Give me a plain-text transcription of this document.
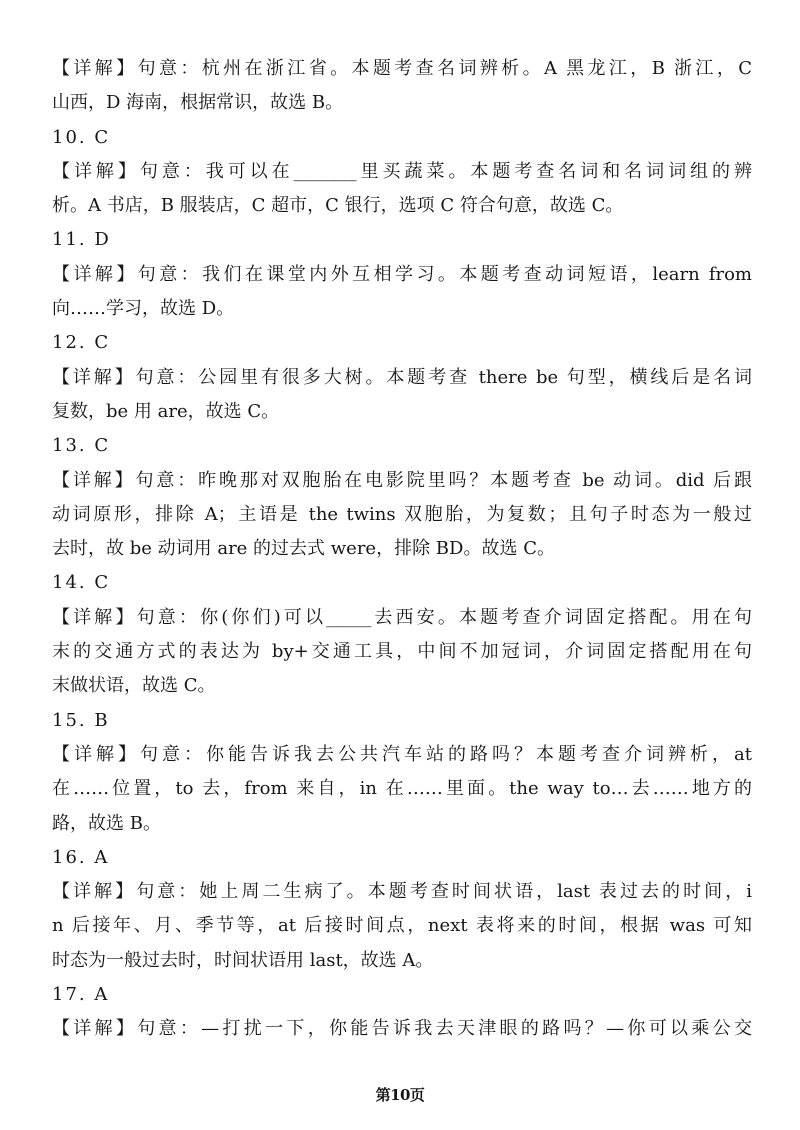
【详解】句意：杭州在浙江省。本题考查名词辨析。A 黑龙江，B 浙江，C
山西，D 海南，根据常识，故选 B。
10. C
【详解】句意：我可以在_______里买蔬菜。本题考查名词和名词词组的辨
析。A 书店，B 服装店，C 超市，C 银行，选项 C 符合句意，故选 C。
11. D
【详解】句意：我们在课堂内外互相学习。本题考查动词短语，learn from
向……学习，故选 D。
12. C
【详解】句意：公园里有很多大树。本题考查 there be 句型，横线后是名词
复数，be 用 are，故选 C。
13. C
【详解】句意：昨晚那对双胞胎在电影院里吗？本题考查 be 动词。did 后跟
动词原形，排除 A；主语是 the twins 双胞胎，为复数；且句子时态为一般过
去时，故 be 动词用 are 的过去式 were，排除 BD。故选 C。
14. C
【详解】句意：你(你们)可以_____去西安。本题考查介词固定搭配。用在句
末的交通方式的表达为 by+交通工具，中间不加冠词，介词固定搭配用在句
末做状语，故选 C。
15. B
【详解】句意：你能告诉我去公共汽车站的路吗？本题考查介词辨析，at
在……位置，to 去，from 来自，in 在……里面。the way to…去……地方的
路，故选 B。
16. A
【详解】句意：她上周二生病了。本题考查时间状语，last 表过去的时间，i
n 后接年、月、季节等，at 后接时间点，next 表将来的时间，根据 was 可知
时态为一般过去时，时间状语用 last，故选 A。
17. A
【详解】句意：—打扰一下，你能告诉我去天津眼的路吗？—你可以乘公交
第10页
